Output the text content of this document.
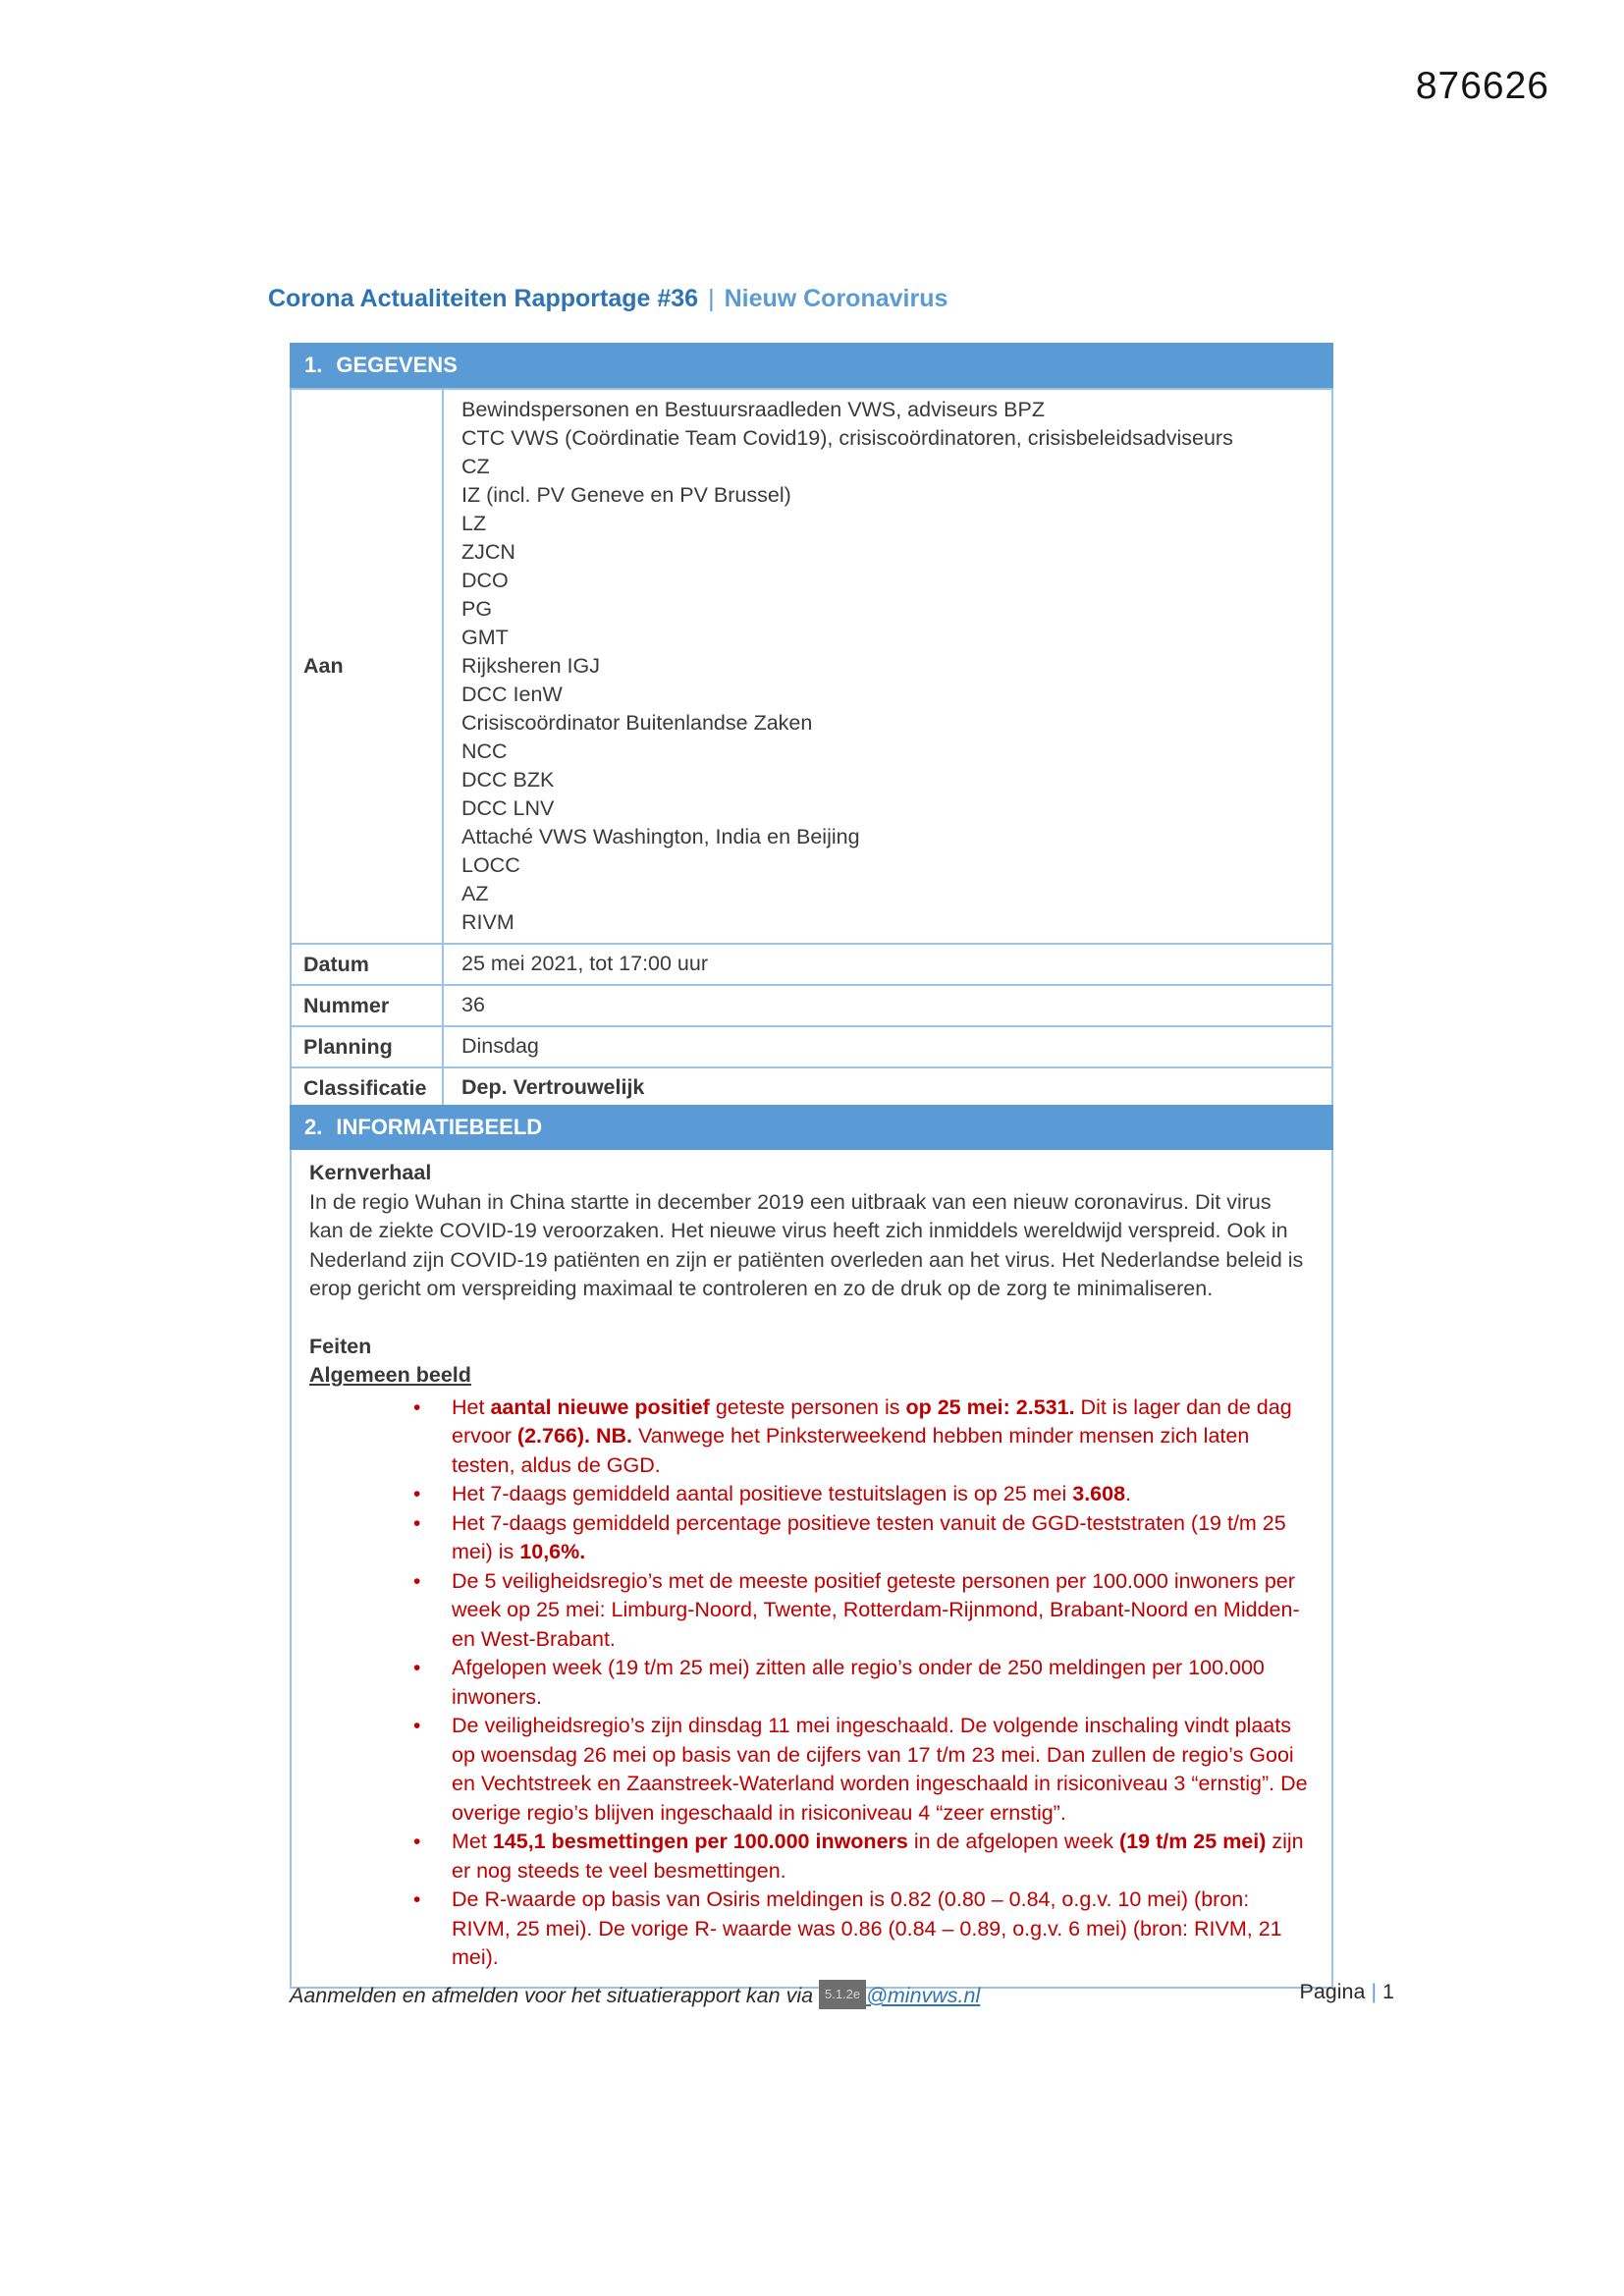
876626
Corona Actualiteiten Rapportage #36 | Nieuw Coronavirus
1. GEGEVENS
Aan	
Bewindspersonen en Bestuursraadleden VWS, adviseurs BPZ
CTC VWS (Coördinatie Team Covid19), crisiscoördinatoren, crisisbeleidsadviseurs
CZ
IZ (incl. PV Geneve en PV Brussel)
LZ
ZJCN
DCO
PG
GMT
Rijksheren IGJ
DCC IenW
Crisiscoördinator Buitenlandse Zaken
NCC
DCC BZK
DCC LNV
Attaché VWS Washington, India en Beijing
LOCC
AZ
RIVM

Datum	25 mei 2021, tot 17:00 uur
Nummer	36
Planning	Dinsdag
Classificatie	Dep. Vertrouwelijk
2. INFORMATIEBEELD
Kernverhaal

In de regio Wuhan in China startte in december 2019 een uitbraak van een nieuw coronavirus. Dit virus kan de ziekte COVID-19 veroorzaken. Het nieuwe virus heeft zich inmiddels wereldwijd verspreid. Ook in Nederland zijn COVID-19 patiënten en zijn er patiënten overleden aan het virus. Het Nederlandse beleid is erop gericht om verspreiding maximaal te controleren en zo de druk op de zorg te minimaliseren.

Feiten
Algemeen beeld
• Het aantal nieuwe positief geteste personen is op 25 mei: 2.531. Dit is lager dan de dag ervoor (2.766). NB. Vanwege het Pinksterweekend hebben minder mensen zich laten testen, aldus de GGD.
• Het 7-daags gemiddeld aantal positieve testuitslagen is op 25 mei 3.608.
• Het 7-daags gemiddeld percentage positieve testen vanuit de GGD-teststraten (19 t/m 25 mei) is 10,6%.
• De 5 veiligheidsregio’s met de meeste positief geteste personen per 100.000 inwoners per week op 25 mei: Limburg-Noord, Twente, Rotterdam-Rijnmond, Brabant-Noord en Midden- en West-Brabant.
• Afgelopen week (19 t/m 25 mei) zitten alle regio’s onder de 250 meldingen per 100.000 inwoners.
• De veiligheidsregio’s zijn dinsdag 11 mei ingeschaald. De volgende inschaling vindt plaats op woensdag 26 mei op basis van de cijfers van 17 t/m 23 mei. Dan zullen de regio’s Gooi en Vechtstreek en Zaanstreek-Waterland worden ingeschaald in risiconiveau 3 “ernstig”. De overige regio’s blijven ingeschaald in risiconiveau 4 “zeer ernstig”.
• Met 145,1 besmettingen per 100.000 inwoners in de afgelopen week (19 t/m 25 mei) zijn er nog steeds te veel besmettingen.
• De R-waarde op basis van Osiris meldingen is 0.82 (0.80 – 0.84, o.g.v. 10 mei) (bron: RIVM, 25 mei). De vorige R- waarde was 0.86 (0.84 – 0.89, o.g.v. 6 mei) (bron: RIVM, 21 mei).
Aanmelden en afmelden voor het situatierapport kan via 5.1.2e @minvws.nl	Pagina | 1
